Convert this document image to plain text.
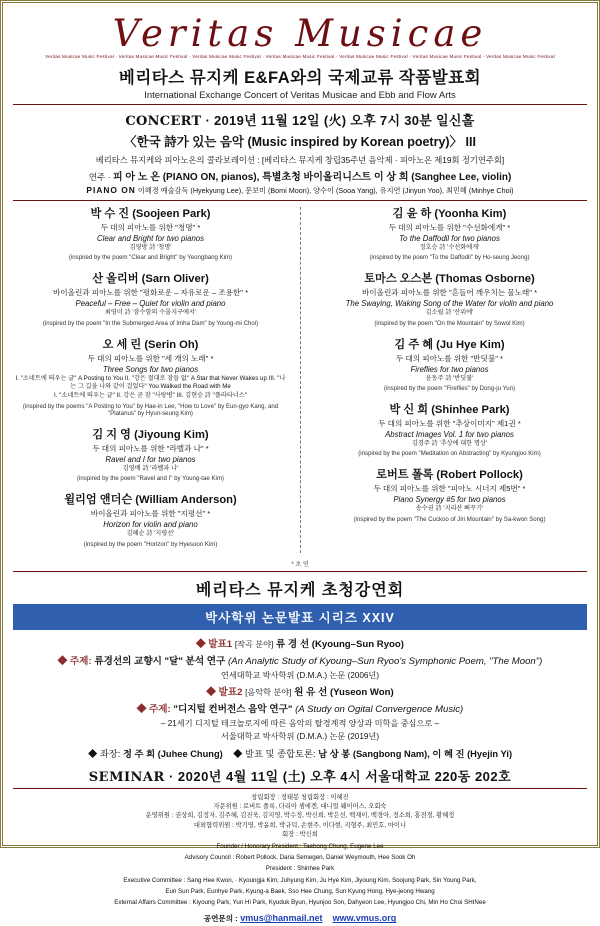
Veritas Musicae
Veritas Musicae Music Festival · Veritas Musicae Music Festival · Veritas Musicae Music Festival · Veritas Musicae Music Festival · Veritas Musicae Music Festival · Veritas Musicae Music Festival · Veritas Musicae Music Festival
베리타스 뮤지케 E&FA와의 국제교류 작품발표회
International Exchange Concert of Veritas Musicae and Ebb and Flow Arts
CONCERT · 2019년 11월 12일 (火) 오후 7시 30분 일신홀
〈한국 詩가 있는 음악 (Music inspired by Korean poetry)〉 III
베리타스 뮤지케와 피아노온의 콜라보레이션 : [베리타스 뮤지케 창립35주년 음악제 · 피아노온 제19회 정기연주회]
연주 · 피 아 노 온 (PIANO ON, pianos), 특별초청 바이올리니스트 이 상 희 (Sanghee Lee, violin)
PIANO ON 이혜경 예술감독 (Hyekyung Lee), 문보미 (Bomi Moon), 양수이 (Sooa Yang), 유지연 (Jinyun Yoo), 최민혜 (Minhye Choi)
박 수 진 (Soojeen Park)
두 대의 피아노를 위한 "청명" *
Clear and Bright for two pianos
김영방 詩 '청명'
(inspired by the poem "Clear and Bright" by Yeongbang Kim)
산 올리버 (Sarn Oliver)
바이올린과 피아노를 위한 "평화로운 – 자유로운 – 조용한" *
Peaceful – Free – Quiet for violin and piano
최영미 詩 '잠수함의 수몰지구에서'
(inspired by the poem "In the Submerged Area of Imha Dam" by Young-mi Choi)
오 세 린 (Serin Oh)
두 대의 피아노를 위한 "세 개의 노래" *
Three Songs for two pianos
I. "소네트에 띄우는 글" A Posting to You II. "강은 절대로 잠들 없" A Star that Never Wakes up III. "나는 그 길을 나와 같이 걸었다" You Walked the Road with Me
I. "소네트에 띄우는 글" II. 강은 곧 잠 "사랑병" III. 김현승 詩 "플라타너스"
(inspired by the poems "A Posting to You" by Hae-in Lee, "How to Love" by Eun-gyo Kang, and "Platanus" by Hyun-seung Kim)
김 지 영 (Jiyoung Kim)
두 대의 피아노를 위한 "라벨과 나" *
Ravel and I for two pianos
김영배 詩 '라벨과 나'
(inspired by the poem "Ravel and I" by Young-tae Kim)
윌리엄 앤더슨 (William Anderson)
바이올린과 피아노를 위한 "지평선" *
Horizon for violin and piano
김혜순 詩 '지평선'
(inspired by the poem "Horizon" by Hyesoon Kim)
김 윤 하 (Yoonha Kim)
두 대의 피아노를 위한 "수선화에게" *
To the Daffodil for two pianos
정호승 詩 '수선화에게'
(inspired by the poem "To the Daffodil" by Ho-seung Jeong)
토마스 오스본 (Thomas Osborne)
바이올린과 피아노를 위한 "흔들어 깨우치는 물노래" *
The Swaying, Waking Song of the Water for violin and piano
김소월 詩 '산위에'
(inspired by the poem "On the Mountain" by Sowol Kim)
김 주 혜 (Ju Hye Kim)
두 대의 피아노를 위한 "반딧불" *
Fireflies for two pianos
윤동주 詩 '반딧불'
(inspired by the poem "Fireflies" by Dong-ju Yun)
박 신 희 (Shinhee Park)
두 대의 피아노를 위한 "추상이미지" 제1권 *
Abstract Images Vol. 1 for two pianos
김경주 詩 '추상에 대한 명상'
(inspired by the poem "Meditation on Abstracting" by Kyungjoo Kim)
로버트 폴록 (Robert Pollock)
두 대의 피아노를 위한 "피아노 시너지 제5번" *
Piano Synergy #5 for two pianos
송수권 詩 '지리산 뻐꾸기'
(inspired by the poem "The Cuckoo of Jiri Mountain" by Sa-kwon Song)
* 초 연
베리타스 뮤지케 초청강연회
박사학위 논문발표 시리즈 XXIV
◆ 발표1 [작곡 분야] 류 경 선 (Kyoung–Sun Ryoo)
◆ 주제: 류경선의 교향시 "달" 분석 연구 (An Analytic Study of Kyoung–Sun Ryoo's Symphonic Poem, "The Moon")
연세대학교 박사학위 (D.M.A.) 논문 (2006년)
◆ 발표2 [음악학 분야] 원 유 선 (Yuseon Won)
◆ 주제: "디지털 컨버전스 음악 연구" (A Study on Ogital Convergence Music)
– 21세기 디지털 테크놀로지에 따른 음악의 탈경계적 양상과 미학을 중심으로 –
서울대학교 박사학위 (D.M.A.) 논문 (2019년)
◆ 좌장: 정 주 희 (Juhee Chung) ◆ 발표 및 종합토론: 남 상 봉 (Sangbong Nam), 이 혜 진 (Hyejin Yi)
SEMINAR · 2020년 4월 11일 (土) 오후 4시 서울대학교 220동 202호
창립회장 : 정태봉 청립회장 : 이혜진
자문위원 : 로버트 폴록, 다리아 셈에겐, 대니얼 웨이머스, 오회숙
운영위원 : 권상희, 김정자, 김주혜, 김진욱, 김지영, 박수정, 박신희, 박은선, 백재이, 백경아, 정소희, 홍전경, 황혜정
대외협력위원 : 박기영, 박윤희, 박규덕, 손현주, 이다현, 지형주, 최민호, 마이니
회장 : 박신희
Founder / Honorary President : Taebong Chung, Eugene Lee
Advisory Council : Robert Pollock, Daria Semegen, Daniel Weymouth, Hee Sook Oh
President : Shinhee Park
Executive Committee : Sang Hee Kwon, · Kyoungja Kim, Juhyung Kim, Ju Hye Kim, Jiyoung Kim, Soojung Park, Sin Young Park,
Eun Sun Park, Eunhye Park, Kyung-a Baek, Sso Hee Chung, Sun Kyung Hong, Hye-jeong Hwang
External Affairs Committee : Kiyoung Park, Yun Hi Park, Kyuduk Byun, Hyunjoo Son, Dahyeon Lee, Hyungjoo Chi, Min Ho Choi SHINee
공연문의 : vmus@hanmail.net www.vmus.org
